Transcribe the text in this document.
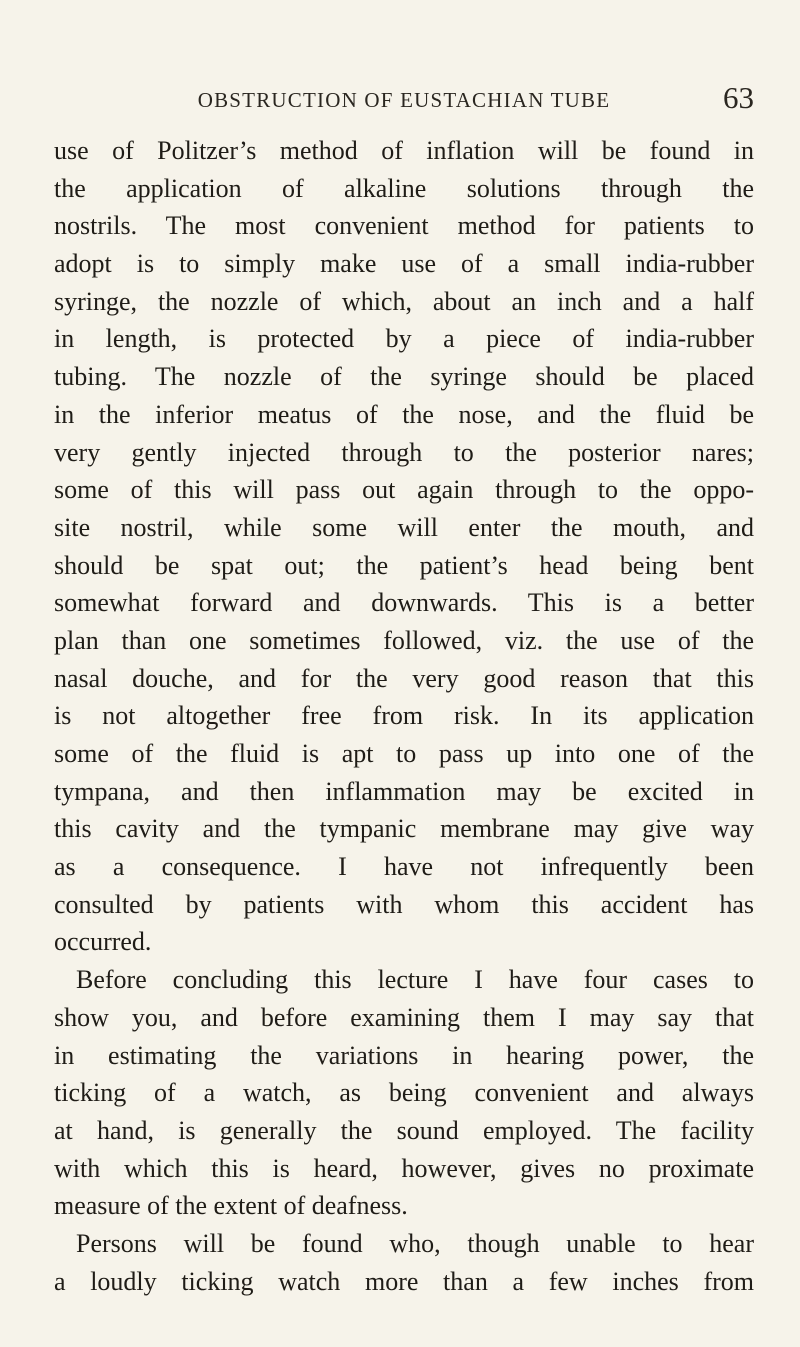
OBSTRUCTION OF EUSTACHIAN TUBE	63
use of Politzer’s method of inflation will be found in
the application of alkaline solutions through the
nostrils. The most convenient method for patients to
adopt is to simply make use of a small india-rubber
syringe, the nozzle of which, about an inch and a half
in length, is protected by a piece of india-rubber
tubing. The nozzle of the syringe should be placed
in the inferior meatus of the nose, and the fluid be
very gently injected through to the posterior nares;
some of this will pass out again through to the oppo-
site nostril, while some will enter the mouth, and
should be spat out; the patient’s head being bent
somewhat forward and downwards. This is a better
plan than one sometimes followed, viz. the use of the
nasal douche, and for the very good reason that this
is not altogether free from risk. In its application
some of the fluid is apt to pass up into one of the
tympana, and then inflammation may be excited in
this cavity and the tympanic membrane may give way
as a consequence. I have not infrequently been
consulted by patients with whom this accident has
occurred.
Before concluding this lecture I have four cases to
show you, and before examining them I may say that
in estimating the variations in hearing power, the
ticking of a watch, as being convenient and always
at hand, is generally the sound employed. The facility
with which this is heard, however, gives no proximate
measure of the extent of deafness.
Persons will be found who, though unable to hear
a loudly ticking watch more than a few inches from
